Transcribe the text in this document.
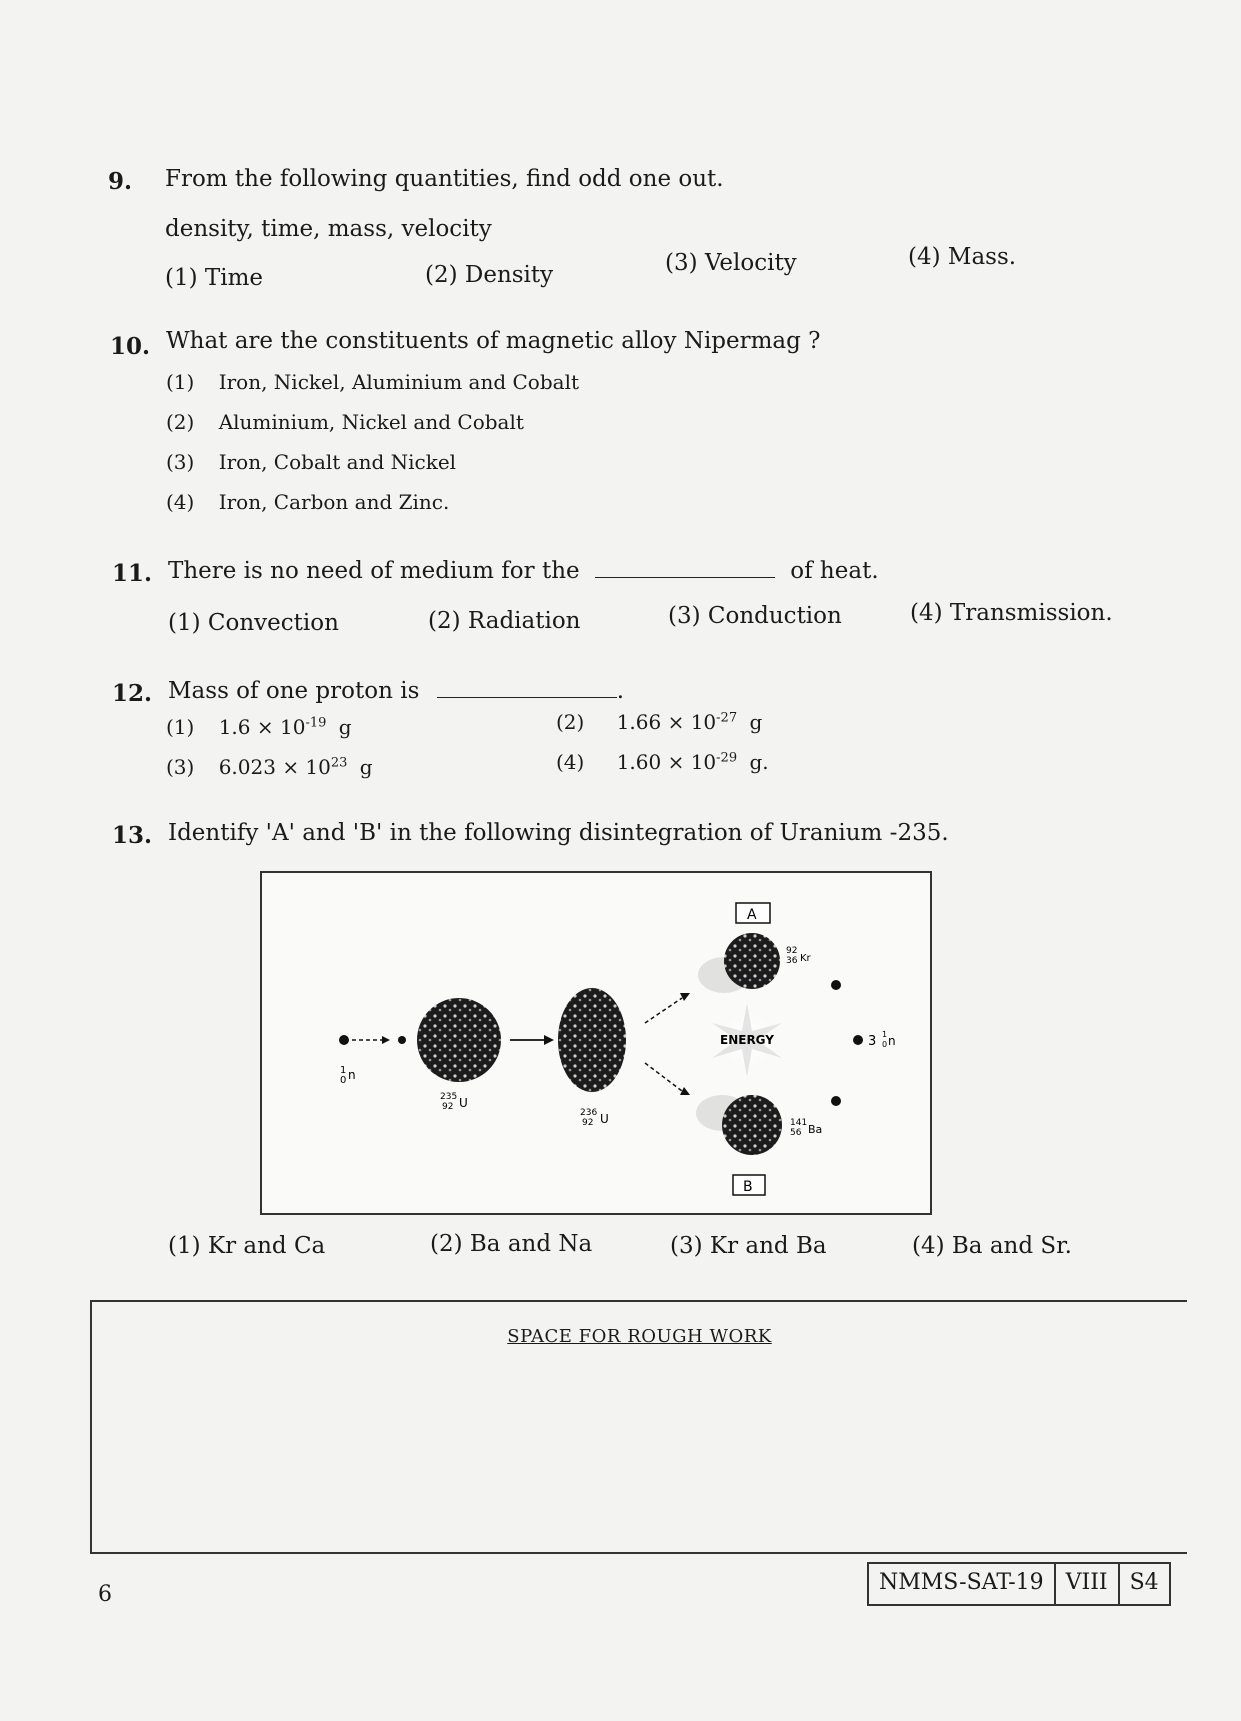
9. From the following quantities, find odd one out.
density, time, mass, velocity
(1) Time	(2) Density	(3) Velocity	(4) Mass.
10. What are the constituents of magnetic alloy Nipermag ?
(1) Iron, Nickel, Aluminium and Cobalt
(2) Aluminium, Nickel and Cobalt
(3) Iron, Cobalt and Nickel
(4) Iron, Carbon and Zinc.
11. There is no need of medium for the	of heat.
(1) Convection	(2) Radiation	(3) Conduction	(4) Transmission.
12. Mass of one proton is	.
(1) $1.6 \times 10^{-19}$ g	(2) $1.66 \times 10^{-27}$ g
(3) $6.023 \times 10^{23}$ g	(4) $1.60 \times 10^{-29}$ g.
13. Identify 'A' and 'B' in the following disintegration of Uranium -235.
1
0 n
235
92 U
236
92 U
A
92
36 Kr
ENERGY	3 1
0 n
141
56 Ba
B
(1) Kr and Ca	(2) Ba and Na	(3) Kr and Ba	(4) Ba and Sr.
SPACE FOR ROUGH WORK
6	NMMS-SAT-19	VIII	S4
